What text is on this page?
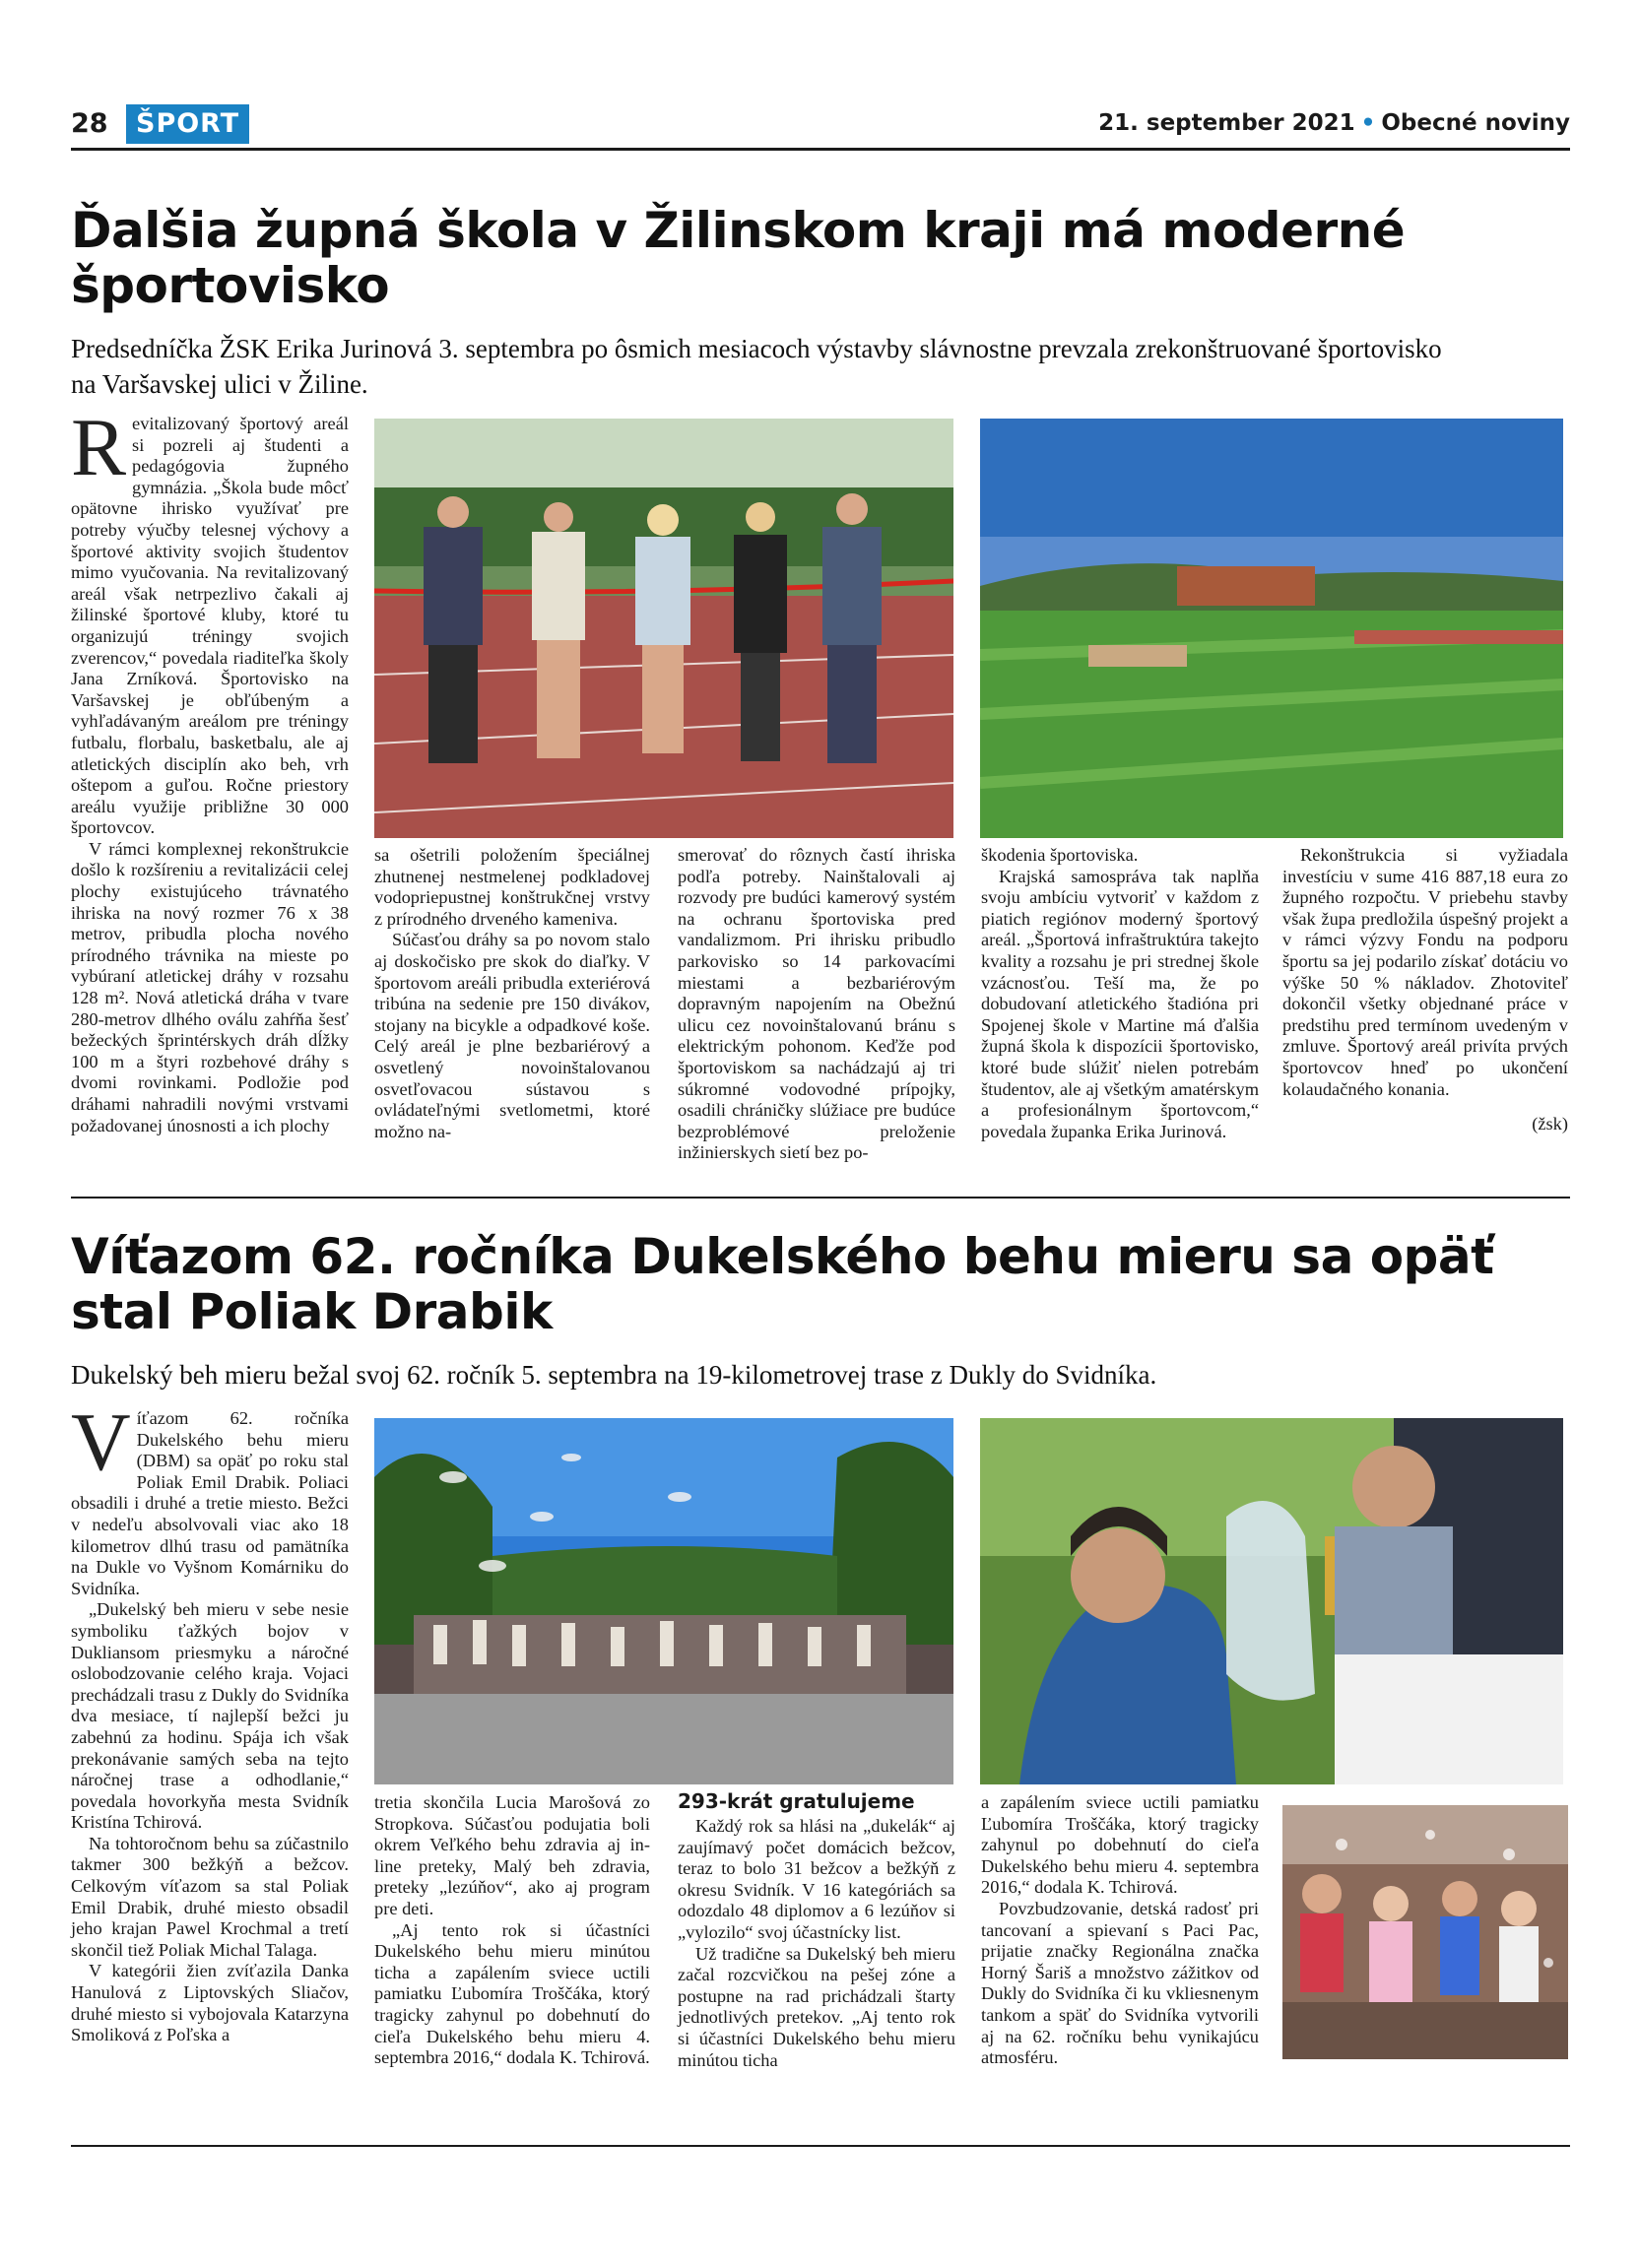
28	ŠPORT	21. september 2021 • Obecné noviny
Ďalšia župná škola v Žilinskom kraji má moderné
športovisko
Predsedníčka ŽSK Erika Jurinová 3. septembra po ôsmich mesiacoch výstavby slávnostne prevzala zrekonštruované športovisko
na Varšavskej ulici v Žiline.

Revitalizovaný športový areál si pozreli aj študenti a pedagógovia župného gymnázia. „Škola bude môcť opätovne ihrisko využívať pre potreby výučby telesnej výchovy a športové aktivity svojich študentov mimo vyučovania. Na revitalizovaný areál však netrpezlivo čakali aj žilinské športové kluby, ktoré tu organizujú tréningy svojich zverencov,“ povedala riaditeľka školy Jana Zrníková. Športovisko na Varšavskej je obľúbeným a vyhľadávaným areálom pre tréningy futbalu, florbalu, basketbalu, ale aj atletických disciplín ako beh, vrh oštepom a guľou. Ročne priestory areálu využije približne 30 000 športovcov.

V rámci komplexnej rekonštrukcie došlo k rozšíreniu a revitalizácii celej plochy existujúceho trávnatého ihriska na nový rozmer 76 x 38 metrov, pribudla plocha nového prírodného trávnika na mieste po vybúraní atletickej dráhy v rozsahu 128 m². Nová atletická dráha v tvare 280-metrov dlhého oválu zahŕňa šesť bežeckých šprintérskych dráh dĺžky 100 m a štyri rozbehové dráhy s dvomi rovinkami. Podložie pod dráhami nahradili novými vrstvami požadovanej únosnosti a ich plochy

sa ošetrili položením špeciálnej zhutnenej nestmelenej podkladovej vodopriepustnej konštrukčnej vrstvy z prírodného drveného kameniva.

Súčasťou dráhy sa po novom stalo aj doskočisko pre skok do diaľky. V športovom areáli pribudla exteriérová tribúna na sedenie pre 150 divákov, stojany na bicykle a odpadkové koše. Celý areál je plne bezbariérový a osvetlený novoinštalovanou osvetľovacou sústavou s ovládateľnými svetlometmi, ktoré možno na-

smerovať do rôznych častí ihriska podľa potreby. Nainštalovali aj rozvody pre budúci kamerový systém na ochranu športoviska pred vandalizmom. Pri ihrisku pribudlo parkovisko so 14 parkovacími miestami a bezbariérovým dopravným napojením na Obežnú ulicu cez novoinštalovanú bránu s elektrickým pohonom. Keďže pod športoviskom sa nachádzajú aj tri súkromné vodovodné prípojky, osadili chráničky slúžiace pre budúce bezproblémové preloženie inžinierskych sietí bez po-

škodenia športoviska.

Krajská samospráva tak naplňa svoju ambíciu vytvoriť v každom z piatich regiónov moderný športový areál. „Športová infraštruktúra takejto kvality a rozsahu je pri strednej škole vzácnosťou. Teší ma, že po dobudovaní atletického štadióna pri Spojenej škole v Martine má ďalšia župná škola k dispozícii športovisko, ktoré bude slúžiť nielen potrebám študentov, ale aj všetkým amatérskym a profesionálnym športovcom,“ povedala županka Erika Jurinová.

Rekonštrukcia si vyžiadala investíciu v sume 416 887,18 eura zo župného rozpočtu. V priebehu stavby však župa predložila úspešný projekt a v rámci výzvy Fondu na podporu športu sa jej podarilo získať dotáciu vo výške 50 % nákladov. Zhotoviteľ dokončil všetky objednané práce v predstihu pred termínom uvedeným v zmluve. Športový areál privíta prvých športovcov hneď po ukončení kolaudačného konania.

(žsk)
Víťazom 62. ročníka Dukelského behu mieru sa opäť
stal Poliak Drabik
Dukelský beh mieru bežal svoj 62. ročník 5. septembra na 19-kilometrovej trase z Dukly do Svidníka.

Víťazom 62. ročníka Dukelského behu mieru (DBM) sa opäť po roku stal Poliak Emil Drabik. Poliaci obsadili i druhé a tretie miesto. Bežci v nedeľu absolvovali viac ako 18 kilometrov dlhú trasu od pamätníka na Dukle vo Vyšnom Komárniku do Svidníka.

„Dukelský beh mieru v sebe nesie symboliku ťažkých bojov v Dukliansom priesmyku a náročné oslobodzovanie celého kraja. Vojaci prechádzali trasu z Dukly do Svidníka dva mesiace, tí najlepší bežci ju zabehnú za hodinu. Spája ich však prekonávanie samých seba na tejto náročnej trase a odhodlanie,“ povedala hovorkyňa mesta Svidník Kristína Tchirová.

Na tohtoročnom behu sa zúčastnilo takmer 300 bežkýň a bežcov. Celkovým víťazom sa stal Poliak Emil Drabik, druhé miesto obsadil jeho krajan Pawel Krochmal a tretí skončil tiež Poliak Michal Talaga.

V kategórii žien zvíťazila Danka Hanulová z Liptovských Sliačov, druhé miesto si vybojovala Katarzyna Smoliková z Poľska a

tretia skončila Lucia Marošová zo Stropkova. Súčasťou podujatia boli okrem Veľkého behu zdravia aj in-line preteky, Malý beh zdravia, preteky „lezúňov“, ako aj program pre deti.

„Aj tento rok si účastníci Dukelského behu mieru minútou ticha a zapálením sviece uctili pamiatku Ľubomíra Troščáka, ktorý tragicky zahynul po dobehnutí do cieľa Dukelského behu mieru 4. septembra 2016,“ dodala K. Tchirová.

293-krát gratulujeme

Každý rok sa hlási na „dukelák“ aj zaujímavý počet domácich bežcov, teraz to bolo 31 bežcov a bežkýň z okresu Svidník. V 16 kategóriách sa odozdalo 48 diplomov a 6 lezúňov si „vylozilo“ svoj účastnícky list.

Už tradične sa Dukelský beh mieru začal rozcvičkou na pešej zóne a postupne na rad prichádzali štarty jednotlivých pretekov. „Aj tento rok si účastníci Dukelského behu mieru minútou ticha

a zapálením sviece uctili pamiatku Ľubomíra Troščáka, ktorý tragicky zahynul po dobehnutí do cieľa Dukelského behu mieru 4. septembra 2016,“ dodala K. Tchirová.

Povzbudzovanie, detská radosť pri tancovaní a spievaní s Paci Pac, prijatie značky Regionálna značka Horný Šariš a množstvo zážitkov od Dukly do Svidníka či ku vkliesnenym tankom a späť do Svidníka vytvorili aj na 62. ročníku behu vynikajúcu atmosféru.
